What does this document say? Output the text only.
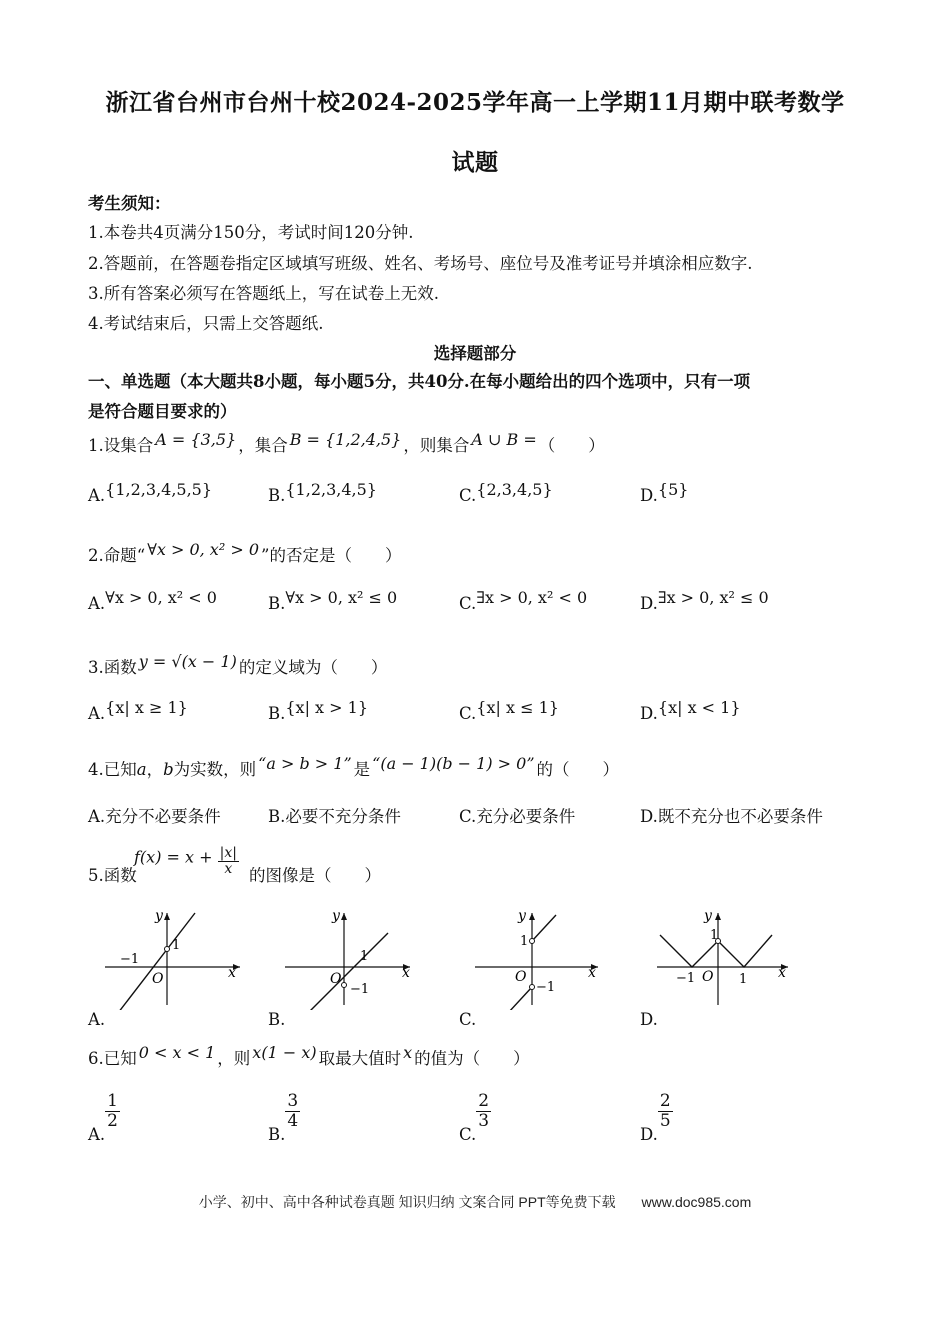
浙江省台州市台州十校2024-2025学年高一上学期11月期中联考数学
试题
考生须知：
1.本卷共4页满分150分，考试时间120分钟.
2.答题前，在答题卷指定区域填写班级、姓名、考场号、座位号及准考证号并填涂相应数字.
3.所有答案必须写在答题纸上，写在试卷上无效.
4.考试结束后，只需上交答题纸.
选择题部分
一、单选题（本大题共8小题，每小题5分，共40分.在每小题给出的四个选项中，只有一项
是符合题目要求的）
1.设集合 A = {3,5} ，集合 B = {1,2,4,5} ，则集合 A ∪ B = （　　）
A.{1,2,3,4,5,5}	B.{1,2,3,4,5}	C.{2,3,4,5}	D.{5}
2.命题“ ∀x > 0, x² > 0 ”的否定是（　　）
A.∀x > 0, x² < 0	B.∀x > 0, x² ≤ 0	C.∃x > 0, x² < 0	D.∃x > 0, x² ≤ 0
3.函数 y = √(x − 1) 的定义域为（　　）
A.{x| x ≥ 1}	B.{x| x > 1}	C.{x| x ≤ 1}	D.{x| x < 1}
4.已知a，b为实数，则 “a > b > 1” 是 “(a − 1)(b − 1) > 0” 的（　　）
A.充分不必要条件	B.必要不充分条件	C.充分必要条件	D.既不充分也不必要条件
5.函数
$f(x) = x + \frac{|x|}{x}$ 的图像是（　　）
y
x
O
1
−1
A.
y
x
O
1
−1
B.
y
x
O
1
−1
C.
y
x
O
1
−1	1
D.
6.已知 0 < x < 1 ，则 x(1 − x) 取最大值时 x 的值为（　　）
A.
$\frac{1}{2}$
B.
$\frac{3}{4}$
C.
$\frac{2}{3}$
D.
$\frac{2}{5}$
小学、初中、高中各种试卷真题 知识归纳 文案合同 PPT等免费下载 www.doc985.com
